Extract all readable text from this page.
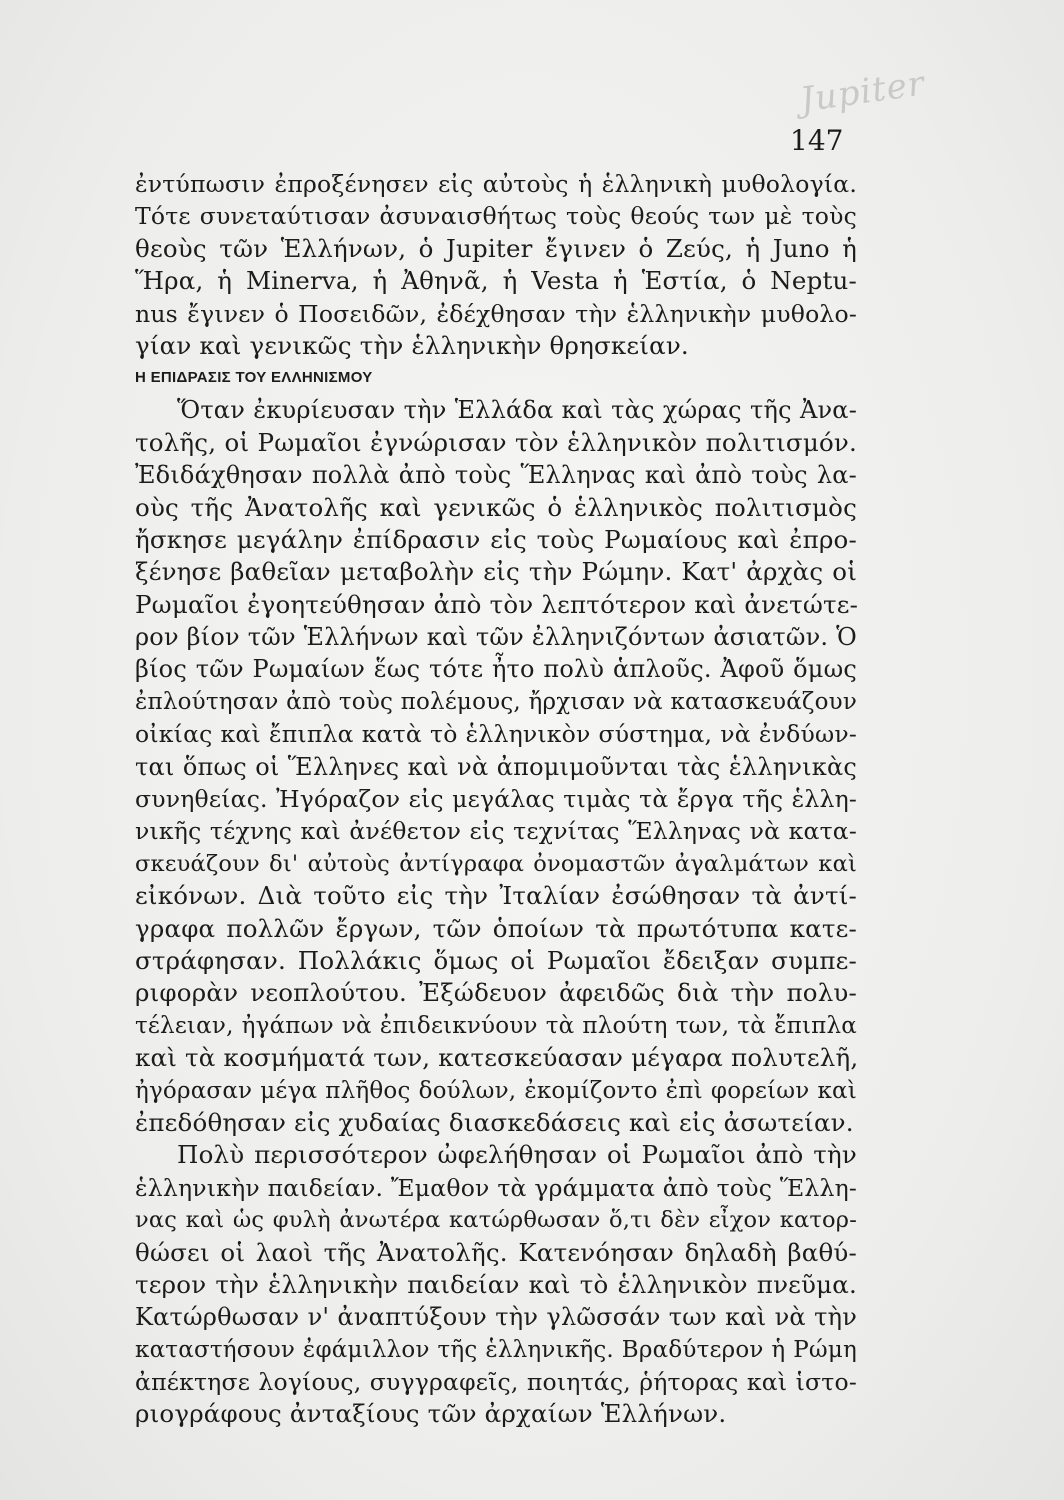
Jupiter
147
ἐντύπωσιν ἐπροξένησεν εἰς αὐτοὺς ἡ ἑλληνικὴ μυθολογία.
Τότε συνεταύτισαν ἀσυναισθήτως τοὺς θεούς των μὲ τοὺς
θεοὺς τῶν Ἑλλήνων, ὁ Jupiter ἔγινεν ὁ Ζεύς, ἡ Juno ἡ
Ἥρα, ἡ Minerva, ἡ Ἀθηνᾶ, ἡ Vesta ἡ Ἑστία, ὁ Neptu-
nus ἔγινεν ὁ Ποσειδῶν, ἐδέχθησαν τὴν ἑλληνικὴν μυθολο-
γίαν καὶ γενικῶς τὴν ἑλληνικὴν θρησκείαν.
Η ΕΠΙΔΡΑΣΙΣ ΤΟΥ ΕΛΛΗΝΙΣΜΟΥ
Ὅταν ἐκυρίευσαν τὴν Ἑλλάδα καὶ τὰς χώρας τῆς Ἀνα-
τολῆς, οἱ Ρωμαῖοι ἐγνώρισαν τὸν ἑλληνικὸν πολιτισμόν.
Ἐδιδάχθησαν πολλὰ ἀπὸ τοὺς Ἕλληνας καὶ ἀπὸ τοὺς λα-
οὺς τῆς Ἀνατολῆς καὶ γενικῶς ὁ ἑλληνικὸς πολιτισμὸς
ἤσκησε μεγάλην ἐπίδρασιν εἰς τοὺς Ρωμαίους καὶ ἐπρο-
ξένησε βαθεῖαν μεταβολὴν εἰς τὴν Ρώμην. Κατ' ἀρχὰς οἱ
Ρωμαῖοι ἐγοητεύθησαν ἀπὸ τὸν λεπτότερον καὶ ἀνετώτε-
ρον βίον τῶν Ἑλλήνων καὶ τῶν ἐλληνιζόντων ἀσιατῶν. Ὁ
βίος τῶν Ρωμαίων ἕως τότε ἦτο πολὺ ἁπλοῦς. Ἀφοῦ ὅμως
ἐπλούτησαν ἀπὸ τοὺς πολέμους, ἤρχισαν νὰ κατασκευάζουν
οἰκίας καὶ ἔπιπλα κατὰ τὸ ἑλληνικὸν σύστημα, νὰ ἐνδύων-
ται ὅπως οἱ Ἕλληνες καὶ νὰ ἀπομιμοῦνται τὰς ἑλληνικὰς
συνηθείας. Ἠγόραζον εἰς μεγάλας τιμὰς τὰ ἔργα τῆς ἑλλη-
νικῆς τέχνης καὶ ἀνέθετον εἰς τεχνίτας Ἕλληνας νὰ κατα-
σκευάζουν δι' αὐτοὺς ἀντίγραφα ὀνομαστῶν ἀγαλμάτων καὶ
εἰκόνων. Διὰ τοῦτο εἰς τὴν Ἰταλίαν ἐσώθησαν τὰ ἀντί-
γραφα πολλῶν ἔργων, τῶν ὁποίων τὰ πρωτότυπα κατε-
στράφησαν. Πολλάκις ὅμως οἱ Ρωμαῖοι ἔδειξαν συμπε-
ριφορὰν νεοπλούτου. Ἐξώδευον ἀφειδῶς διὰ τὴν πολυ-
τέλειαν, ἠγάπων νὰ ἐπιδεικνύουν τὰ πλούτη των, τὰ ἔπιπλα
καὶ τὰ κοσμήματά των, κατεσκεύασαν μέγαρα πολυτελῆ,
ἠγόρασαν μέγα πλῆθος δούλων, ἐκομίζοντο ἐπὶ φορείων καὶ
ἐπεδόθησαν εἰς χυδαίας διασκεδάσεις καὶ εἰς ἀσωτείαν.
Πολὺ περισσότερον ὠφελήθησαν οἱ Ρωμαῖοι ἀπὸ τὴν
ἑλληνικὴν παιδείαν. Ἔμαθον τὰ γράμματα ἀπὸ τοὺς Ἕλλη-
νας καὶ ὡς φυλὴ ἀνωτέρα κατώρθωσαν ὅ,τι δὲν εἶχον κατορ-
θώσει οἱ λαοὶ τῆς Ἀνατολῆς. Κατενόησαν δηλαδὴ βαθύ-
τερον τὴν ἑλληνικὴν παιδείαν καὶ τὸ ἑλληνικὸν πνεῦμα.
Κατώρθωσαν ν' ἀναπτύξουν τὴν γλῶσσάν των καὶ νὰ τὴν
καταστήσουν ἐφάμιλλον τῆς ἑλληνικῆς. Βραδύτερον ἡ Ρώμη
ἀπέκτησε λογίους, συγγραφεῖς, ποιητάς, ῥήτορας καὶ ἱστο-
ριογράφους ἀνταξίους τῶν ἀρχαίων Ἑλλήνων.
